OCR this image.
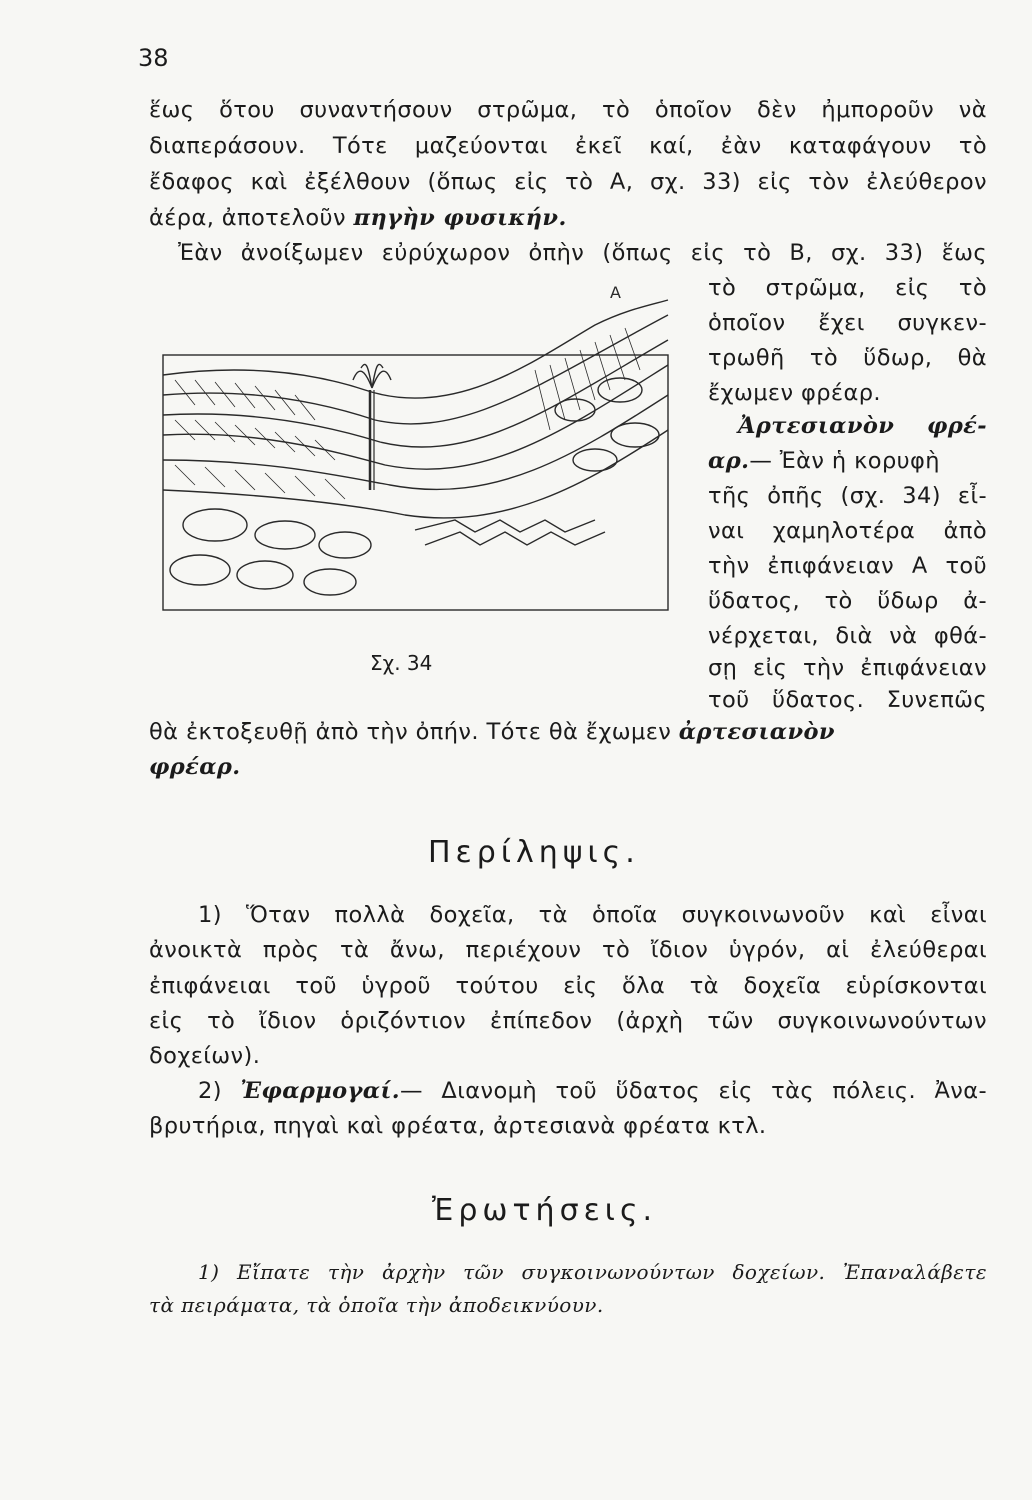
38
ἕως ὅτου συναντήσουν στρῶμα, τὸ ὁποῖον δὲν ἠμποροῦν νὰ
διαπεράσουν. Τότε μαζεύονται ἐκεῖ καί, ἐὰν καταφάγουν τὸ
ἔδαφος καὶ ἐξέλθουν (ὅπως εἰς τὸ Α, σχ. 33) εἰς τὸν ἐλεύθερον
ἀέρα, ἀποτελοῦν πηγὴν φυσικήν.
Ἐὰν ἀνοίξωμεν εὐρύχωρον ὀπὴν (ὅπως εἰς τὸ Β, σχ. 33) ἕως
τὸ στρῶμα, εἰς τὸ
ὁποῖον ἔχει συγκεν-
τρωθῆ τὸ ὕδωρ, θὰ
ἔχωμεν φρέαρ.
Ἀρτεσιανὸν φρέ-
αρ.— Ἐὰν ἡ κορυφὴ
τῆς ὀπῆς (σχ. 34) εἶ-
ναι χαμηλοτέρα ἀπὸ
τὴν ἐπιφάνειαν Α τοῦ
ὕδατος, τὸ ὕδωρ ἀ-
νέρχεται, διὰ νὰ φθά-
σῃ εἰς τὴν ἐπιφάνειαν
τοῦ ὕδατος. Συνεπῶς
θὰ ἐκτοξευθῇ ἀπὸ τὴν ὀπήν. Τότε θὰ ἔχωμεν ἀρτεσιανὸν
φρέαρ.
Α
Σχ. 34
Περίληψις.
1) Ὅταν πολλὰ δοχεῖα, τὰ ὁποῖα συγκοινωνοῦν καὶ εἶναι
ἀνοικτὰ πρὸς τὰ ἄνω, περιέχουν τὸ ἴδιον ὑγρόν, αἱ ἐλεύθεραι
ἐπιφάνειαι τοῦ ὑγροῦ τούτου εἰς ὅλα τὰ δοχεῖα εὑρίσκονται
εἰς τὸ ἴδιον ὁριζόντιον ἐπίπεδον (ἀρχὴ τῶν συγκοινωνούντων
δοχείων).
2) Ἐφαρμογαί.— Διανομὴ τοῦ ὕδατος εἰς τὰς πόλεις. Ἀνα-
βρυτήρια, πηγαὶ καὶ φρέατα, ἀρτεσιανὰ φρέατα κτλ.
Ἐρωτήσεις.
1) Εἴπατε τὴν ἀρχὴν τῶν συγκοινωνούντων δοχείων. Ἐπαναλάβετε
τὰ πειράματα, τὰ ὁποῖα τὴν ἀποδεικνύουν.
